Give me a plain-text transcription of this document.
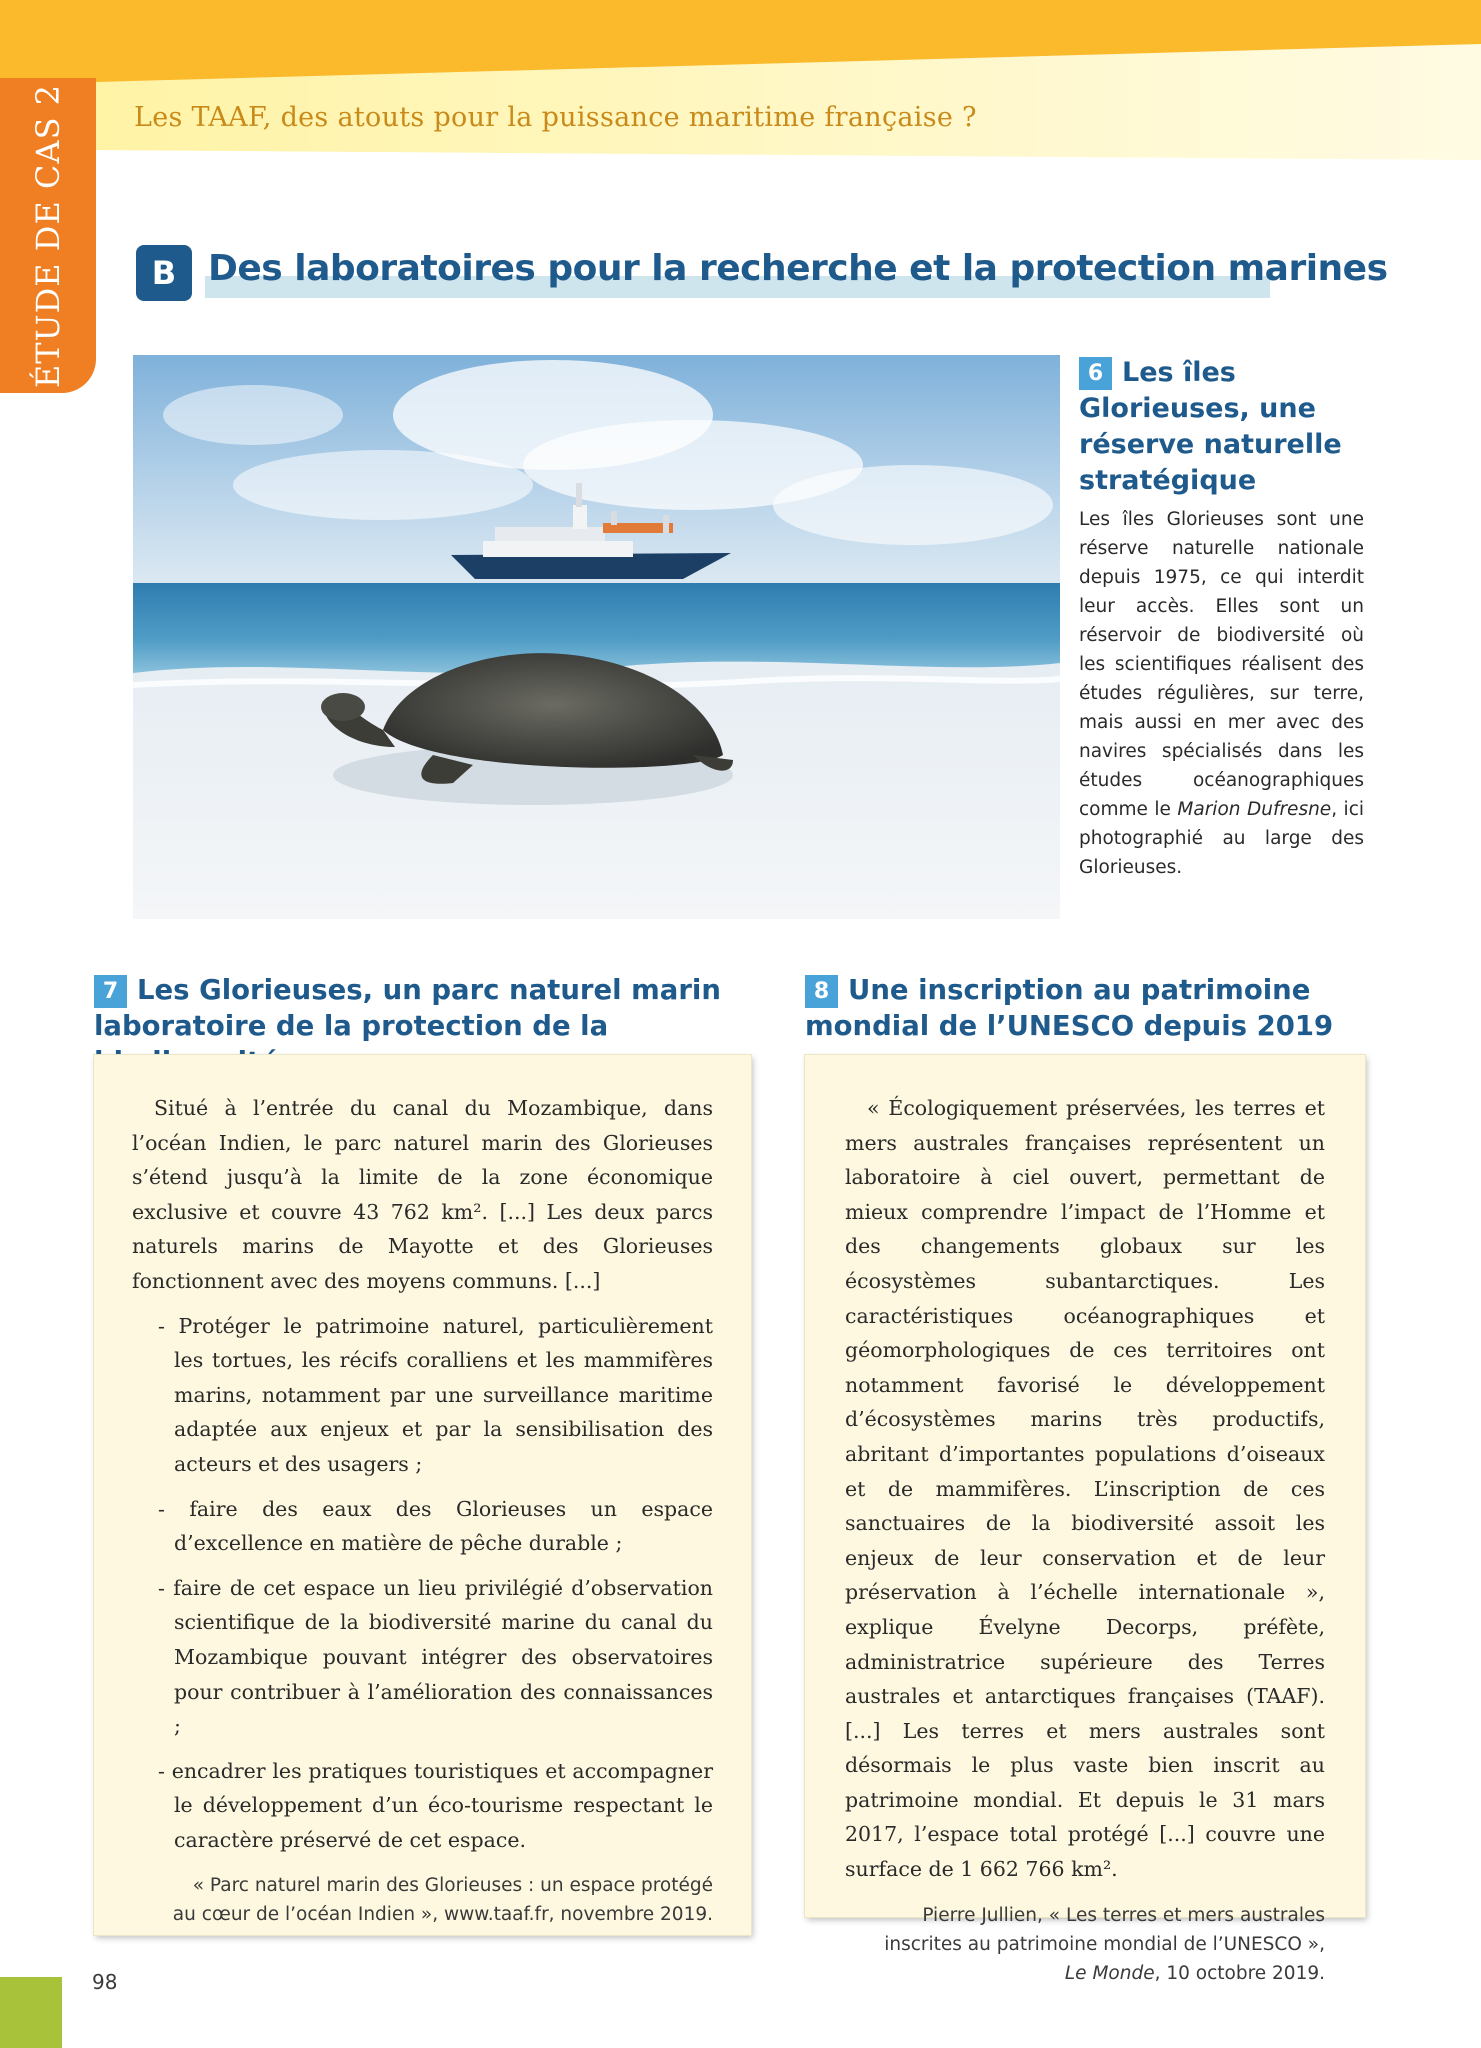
Les TAAF, des atouts pour la puissance maritime française ?
ÉTUDE DE CAS 2	B Des laboratoires pour la recherche et la protection marines
6 Les îles Glorieuses, une réserve naturelle stratégique
Les îles Glorieuses sont une réserve naturelle nationale depuis 1975, ce qui interdit leur accès. Elles sont un réservoir de biodiversité où les scientifiques réalisent des études régulières, sur terre, mais aussi en mer avec des navires spécialisés dans les études océanographiques comme le Marion Dufresne, ici photographié au large des Glorieuses.
7 Les Glorieuses, un parc naturel marin laboratoire de la protection de la
8 Une inscription au patrimoine mondial de l’UNESCO depuis 2019

Situé à l’entrée du canal du Mozambique, dans l’océan Indien, le parc naturel marin des Glorieuses s’étend jusqu’à la limite de la zone économique exclusive et couvre 43 762 km². [...] Les deux parcs naturels marins de Mayotte et des Glorieuses fonctionnent avec des moyens communs. [...]

- Protéger le patrimoine naturel, particulièrement les tortues, les récifs coralliens et les mammifères marins, notamment par une surveillance maritime adaptée aux enjeux et par la sensibilisation des acteurs et des usagers ;

- faire des eaux des Glorieuses un espace d’excellence en matière de pêche durable ;

- faire de cet espace un lieu privilégié d’observation scientifique de la biodiversité marine du canal du Mozambique pouvant intégrer des observatoires pour contribuer à l’amélioration des connaissances ;

- encadrer les pratiques touristiques et accompagner le développement d’un éco-tourisme respectant le caractère préservé de cet espace.

« Parc naturel marin des Glorieuses : un espace protégé
au cœur de l’océan Indien », www.taaf.fr, novembre 2019.

« Écologiquement préservées, les terres et mers australes françaises représentent un laboratoire à ciel ouvert, permettant de mieux comprendre l’impact de l’Homme et des changements globaux sur les écosystèmes subantarctiques. Les caractéristiques océanographiques et géomorphologiques de ces territoires ont notamment favorisé le développement d’écosystèmes marins très productifs, abritant d’importantes populations d’oiseaux et de mammifères. L’inscription de ces sanctuaires de la biodiversité assoit les enjeux de leur conservation et de leur préservation à l’échelle internationale », explique Évelyne Decorps, préfète, administratrice supérieure des Terres australes et antarctiques françaises (TAAF). [...] Les terres et mers australes sont désormais le plus vaste bien inscrit au patrimoine mondial. Et depuis le 31 mars 2017, l’espace total protégé [...] couvre une surface de 1 662 766 km².

Pierre Jullien, « Les terres et mers australes
inscrites au patrimoine mondial de l’UNESCO »,
Le Monde, 10 octobre 2019.
98
